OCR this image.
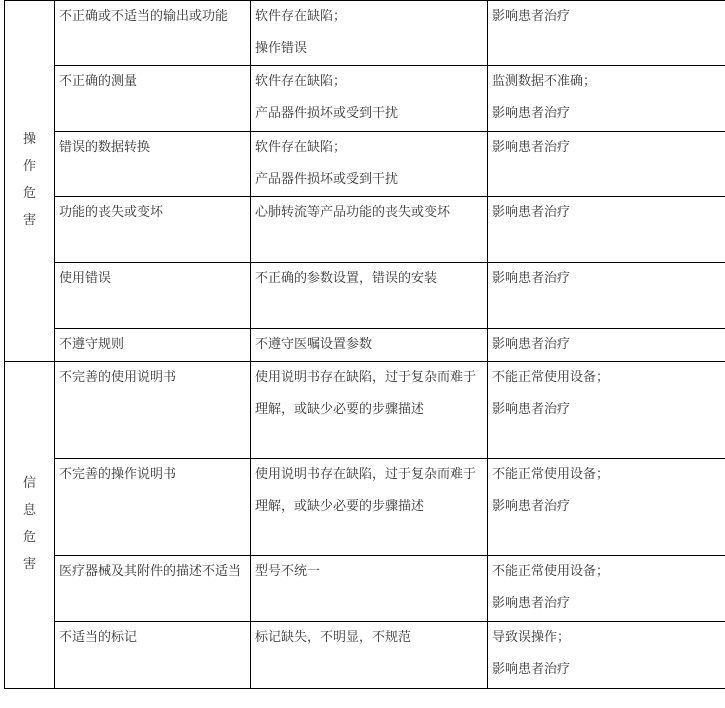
操作危害	不正确或不适当的输出或功能	软件存在缺陷；
操作错误	影响患者治疗
	不正确的测量	软件存在缺陷；
产品器件损坏或受到干扰	监测数据不准确；
影响患者治疗
	错误的数据转换	软件存在缺陷；
产品器件损坏或受到干扰	影响患者治疗
	功能的丧失或变坏	心肺转流等产品功能的丧失或变坏	影响患者治疗
	使用错误	不正确的参数设置，错误的安装	影响患者治疗
	不遵守规则	不遵守医嘱设置参数	影响患者治疗
信息危害	不完善的使用说明书	使用说明书存在缺陷，过于复杂而难于理解，或缺少必要的步骤描述	不能正常使用设备；
影响患者治疗
	不完善的操作说明书	使用说明书存在缺陷，过于复杂而难于理解，或缺少必要的步骤描述	不能正常使用设备；
影响患者治疗
	医疗器械及其附件的描述不适当	型号不统一	不能正常使用设备；
影响患者治疗
	不适当的标记	标记缺失，不明显，不规范	导致误操作；
影响患者治疗
